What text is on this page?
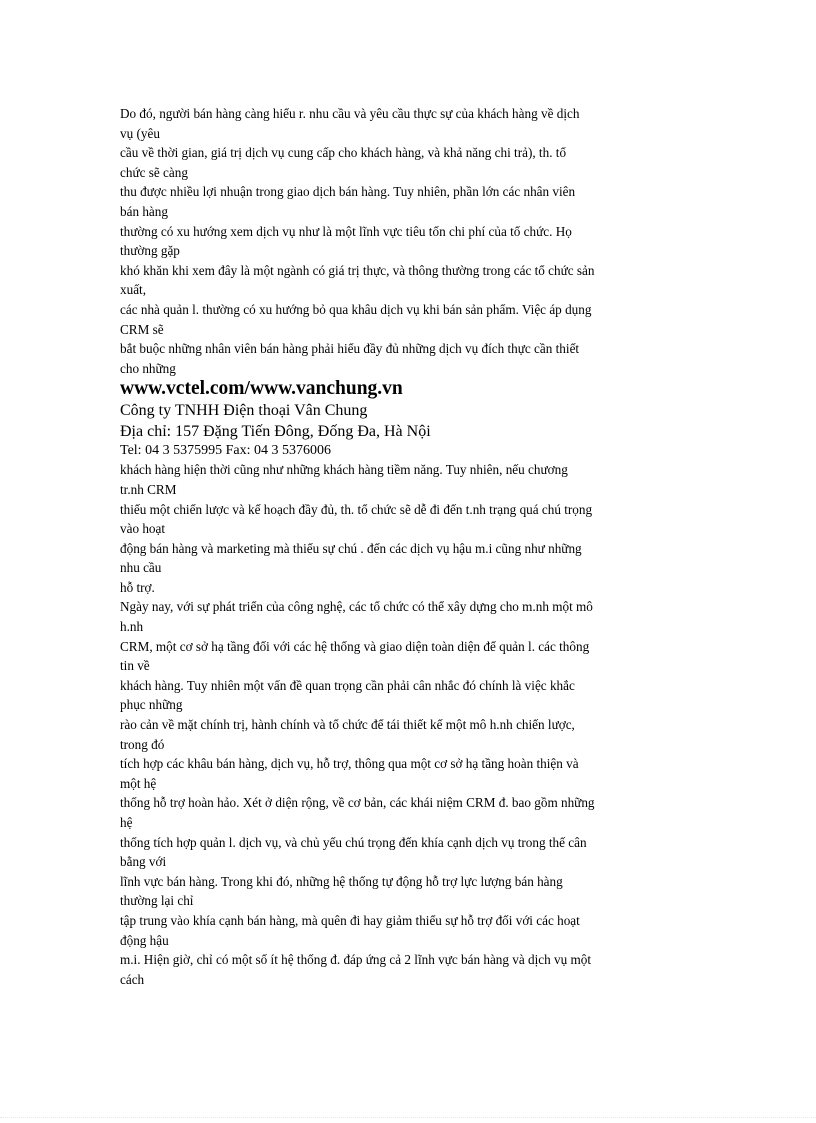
Do đó, người bán hàng càng hiểu r. nhu cầu và yêu cầu thực sự của khách hàng về dịch
vụ (yêu
cầu về thời gian, giá trị dịch vụ cung cấp cho khách hàng, và khả năng chi trả), th. tổ
chức sẽ càng
thu được nhiều lợi nhuận trong giao dịch bán hàng. Tuy nhiên, phần lớn các nhân viên
bán hàng
thường có xu hướng xem dịch vụ như là một lĩnh vực tiêu tốn chi phí của tổ chức. Họ
thường gặp
khó khăn khi xem đây là một ngành có giá trị thực, và thông thường trong các tổ chức sản
xuất,
các nhà quản l. thường có xu hướng bỏ qua khâu dịch vụ khi bán sản phẩm. Việc áp dụng
CRM sẽ
bắt buộc những nhân viên bán hàng phải hiểu đầy đủ những dịch vụ đích thực cần thiết
cho những
www.vctel.com/www.vanchung.vn
Công ty TNHH Điện thoại Vân Chung
Địa chỉ: 157 Đặng Tiến Đông, Đống Đa, Hà Nội
Tel: 04 3 5375995 Fax: 04 3 5376006
khách hàng hiện thời cũng như những khách hàng tiềm năng. Tuy nhiên, nếu chương
tr.nh CRM
thiếu một chiến lược và kế hoạch đầy đủ, th. tổ chức sẽ dễ đi đến t.nh trạng quá chú trọng
vào hoạt
động bán hàng và marketing mà thiếu sự chú . đến các dịch vụ hậu m.i cũng như những
nhu cầu
hỗ trợ.
Ngày nay, với sự phát triển của công nghệ, các tổ chức có thể xây dựng cho m.nh một mô
h.nh
CRM, một cơ sở hạ tầng đối với các hệ thống và giao diện toàn diện để quản l. các thông
tin về
khách hàng. Tuy nhiên một vấn đề quan trọng cần phải cân nhắc đó chính là việc khắc
phục những
rào cản về mặt chính trị, hành chính và tổ chức để tái thiết kế một mô h.nh chiến lược,
trong đó
tích hợp các khâu bán hàng, dịch vụ, hỗ trợ, thông qua một cơ sở hạ tầng hoàn thiện và
một hệ
thống hỗ trợ hoàn hảo. Xét ở diện rộng, về cơ bản, các khái niệm CRM đ. bao gồm những
hệ
thống tích hợp quản l. dịch vụ, và chủ yếu chú trọng đến khía cạnh dịch vụ trong thế cân
bằng với
lĩnh vực bán hàng. Trong khi đó, những hệ thống tự động hỗ trợ lực lượng bán hàng
thường lại chỉ
tập trung vào khía cạnh bán hàng, mà quên đi hay giảm thiểu sự hỗ trợ đối với các hoạt
động hậu
m.i. Hiện giờ, chỉ có một số ít hệ thống đ. đáp ứng cả 2 lĩnh vực bán hàng và dịch vụ một
cách
